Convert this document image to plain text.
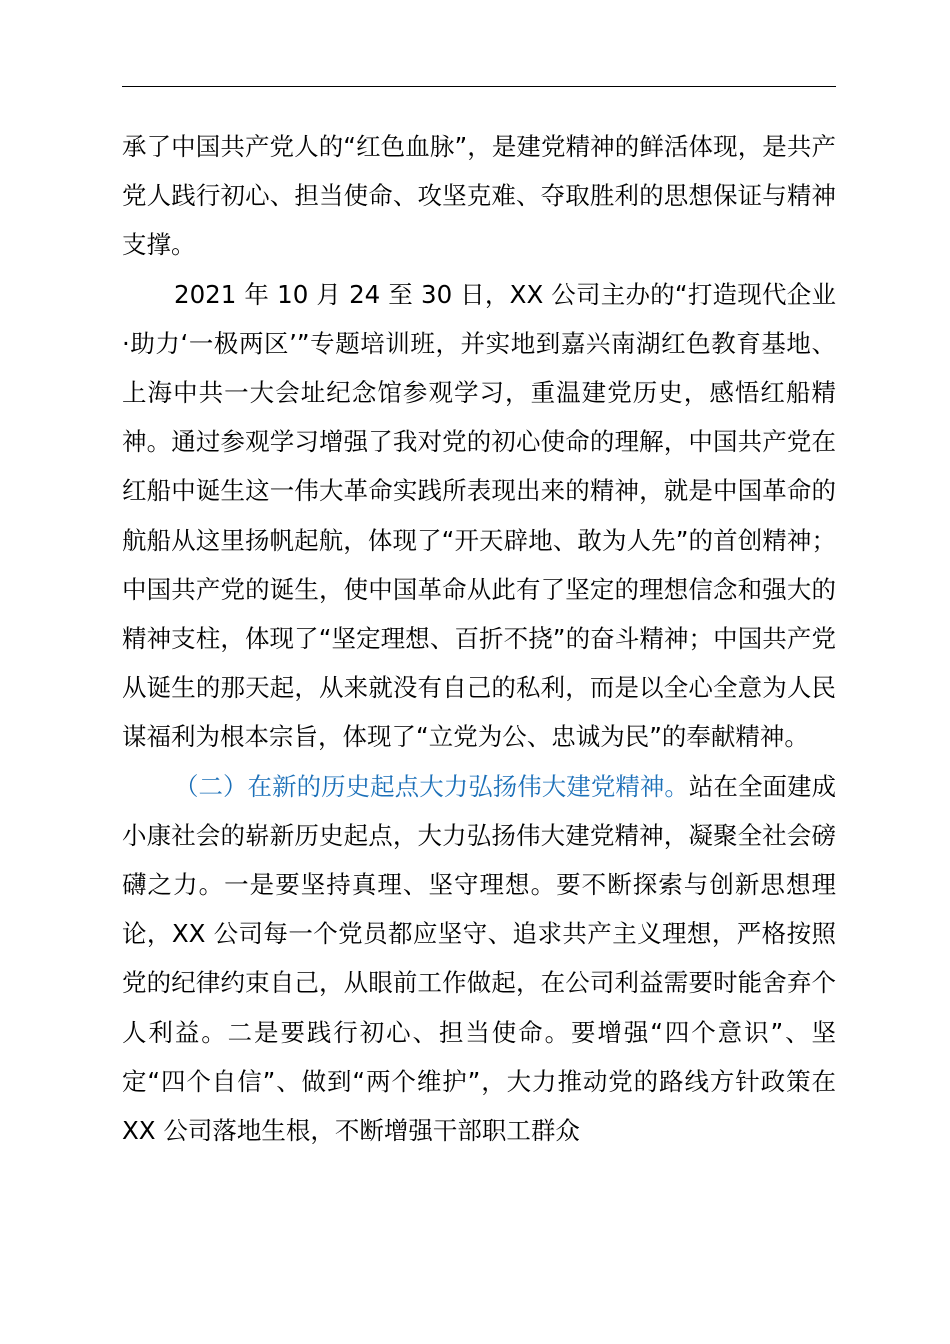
承了中国共产党人的“红色血脉”，是建党精神的鲜活体现，是共产党人践行初心、担当使命、攻坚克难、夺取胜利的思想保证与精神支撑。

2021 年 10 月 24 至 30 日，XX 公司主办的“打造现代企业·助力‘一极两区’”专题培训班，并实地到嘉兴南湖红色教育基地、上海中共一大会址纪念馆参观学习，重温建党历史，感悟红船精神。通过参观学习增强了我对党的初心使命的理解，中国共产党在红船中诞生这一伟大革命实践所表现出来的精神，就是中国革命的航船从这里扬帆起航，体现了“开天辟地、敢为人先”的首创精神；中国共产党的诞生，使中国革命从此有了坚定的理想信念和强大的精神支柱，体现了“坚定理想、百折不挠”的奋斗精神；中国共产党从诞生的那天起，从来就没有自己的私利，而是以全心全意为人民谋福利为根本宗旨，体现了“立党为公、忠诚为民”的奉献精神。

（二）在新的历史起点大力弘扬伟大建党精神。站在全面建成小康社会的崭新历史起点，大力弘扬伟大建党精神，凝聚全社会磅礴之力。一是要坚持真理、坚守理想。要不断探索与创新思想理论，XX 公司每一个党员都应坚守、追求共产主义理想，严格按照党的纪律约束自己，从眼前工作做起，在公司利益需要时能舍弃个人利益。二是要践行初心、担当使命。要增强“四个意识”、坚定“四个自信”、做到“两个维护”，大力推动党的路线方针政策在 XX 公司落地生根，不断增强干部职工群众
